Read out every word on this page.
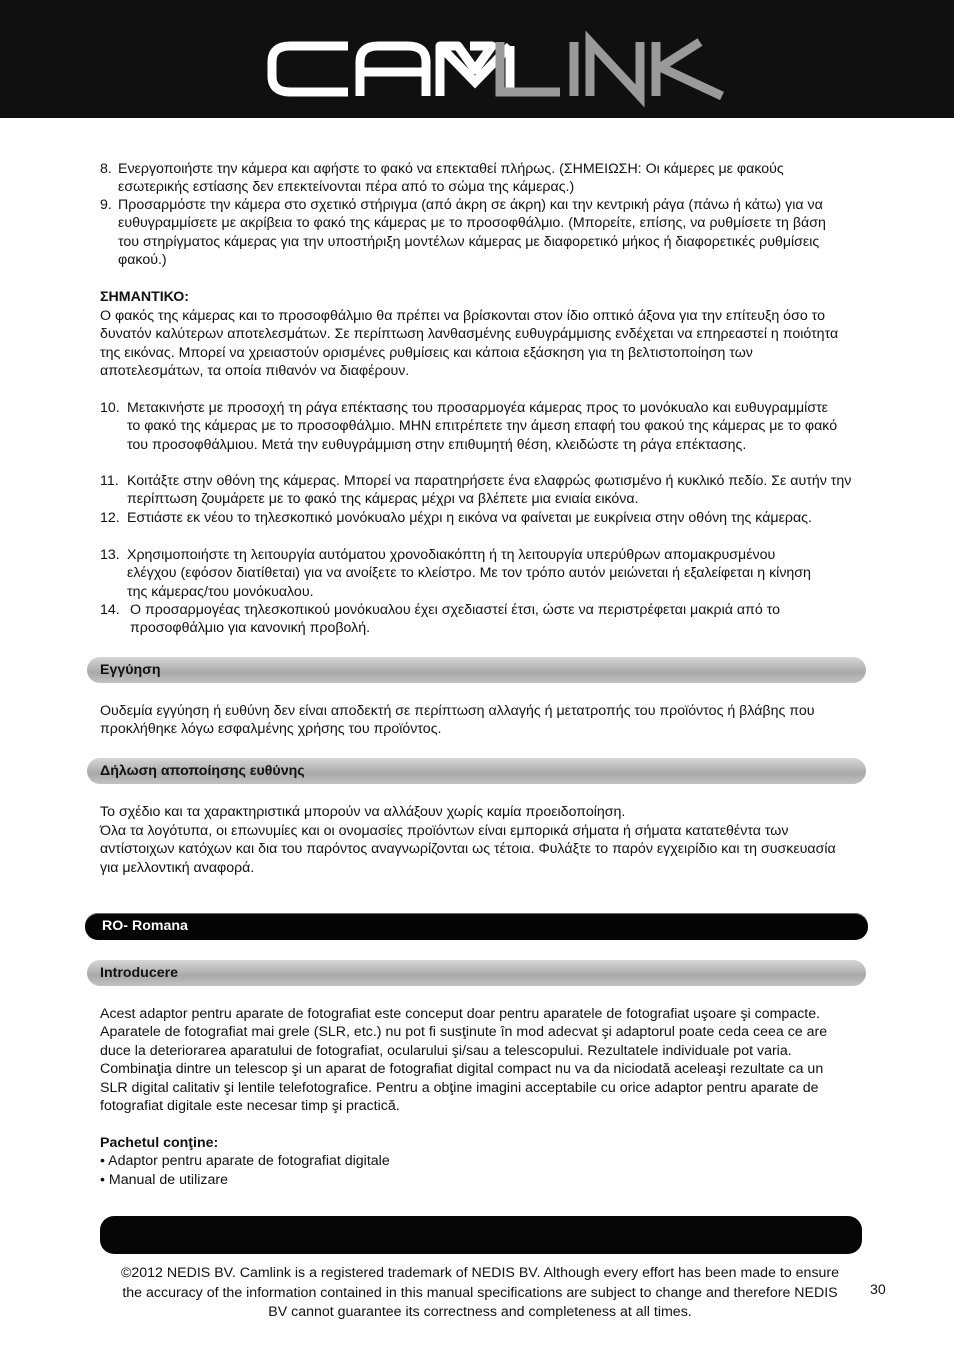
8. Ενεργοποιήστε την κάμερα και αφήστε το φακό να επεκταθεί πλήρως. (ΣΗΜΕΙΩΣΗ: Οι κάμερες με φακούς εσωτερικής εστίασης δεν επεκτείνονται πέρα από το σώμα της κάμερας.)
9. Προσαρμόστε την κάμερα στο σχετικό στήριγμα (από άκρη σε άκρη) και την κεντρική ράγα (πάνω ή κάτω) για να ευθυγραμμίσετε με ακρίβεια το φακό της κάμερας με το προσοφθάλμιο. (Μπορείτε, επίσης, να ρυθμίσετε τη βάση του στηρίγματος κάμερας για την υποστήριξη μοντέλων κάμερας με διαφορετικό μήκος ή διαφορετικές ρυθμίσεις φακού.)

ΣΗΜΑΝΤΙΚΟ:

Ο φακός της κάμερας και το προσοφθάλμιο θα πρέπει να βρίσκονται στον ίδιο οπτικό άξονα για την επίτευξη όσο το δυνατόν καλύτερων αποτελεσμάτων. Σε περίπτωση λανθασμένης ευθυγράμμισης ενδέχεται να επηρεαστεί η ποιότητα της εικόνας. Μπορεί να χρειαστούν ορισμένες ρυθμίσεις και κάποια εξάσκηση για τη βελτιστοποίηση των αποτελεσμάτων, τα οποία πιθανόν να διαφέρουν.

10. Μετακινήστε με προσοχή τη ράγα επέκτασης του προσαρμογέα κάμερας προς το μονόκυαλο και ευθυγραμμίστε το φακό της κάμερας με το προσοφθάλμιο. ΜΗΝ επιτρέπετε την άμεση επαφή του φακού της κάμερας με το φακό του προσοφθάλμιου. Μετά την ευθυγράμμιση στην επιθυμητή θέση, κλειδώστε τη ράγα επέκτασης.
11. Κοιτάξτε στην οθόνη της κάμερας. Μπορεί να παρατηρήσετε ένα ελαφρώς φωτισμένο ή κυκλικό πεδίο. Σε αυτήν την περίπτωση ζουμάρετε με το φακό της κάμερας μέχρι να βλέπετε μια ενιαία εικόνα.
12. Εστιάστε εκ νέου το τηλεσκοπικό μονόκυαλο μέχρι η εικόνα να φαίνεται με ευκρίνεια στην οθόνη της κάμερας.
13. Χρησιμοποιήστε τη λειτουργία αυτόματου χρονοδιακόπτη ή τη λειτουργία υπερύθρων απομακρυσμένου ελέγχου (εφόσον διατίθεται) για να ανοίξετε το κλείστρο. Με τον τρόπο αυτόν μειώνεται ή εξαλείφεται η κίνηση της κάμερας/του μονόκυαλου.
14. Ο προσαρμογέας τηλεσκοπικού μονόκυαλου έχει σχεδιαστεί έτσι, ώστε να περιστρέφεται μακριά από το προσοφθάλμιο για κανονική προβολή.
Εγγύηση

Ουδεμία εγγύηση ή ευθύνη δεν είναι αποδεκτή σε περίπτωση αλλαγής ή μετατροπής του προϊόντος ή βλάβης που προκλήθηκε λόγω εσφαλμένης χρήσης του προϊόντος.

Δήλωση αποποίησης ευθύνης

Το σχέδιο και τα χαρακτηριστικά μπορούν να αλλάξουν χωρίς καμία προειδοποίηση.

Όλα τα λογότυπα, οι επωνυμίες και οι ονομασίες προϊόντων είναι εμπορικά σήματα ή σήματα κατατεθέντα των αντίστοιχων κατόχων και δια του παρόντος αναγνωρίζονται ως τέτοια. Φυλάξτε το παρόν εγχειρίδιο και τη συσκευασία για μελλοντική αναφορά.

RO- Romana
Introducere

Acest adaptor pentru aparate de fotografiat este conceput doar pentru aparatele de fotografiat uşoare şi compacte. Aparatele de fotografiat mai grele (SLR, etc.) nu pot fi susţinute în mod adecvat şi adaptorul poate ceda ceea ce are duce la deteriorarea aparatului de fotografiat, ocularului şi/sau a telescopului. Rezultatele individuale pot varia. Combinaţia dintre un telescop şi un aparat de fotografiat digital compact nu va da niciodată aceleaşi rezultate ca un SLR digital calitativ şi lentile telefotografice. Pentru a obţine imagini acceptabile cu orice adaptor pentru aparate de fotografiat digitale este necesar timp şi practică.

Pachetul conţine:

• Adaptor pentru aparate de fotografiat digitale

• Manual de utilizare

©2012 NEDIS BV. Camlink is a registered trademark of NEDIS BV. Although every effort has been made to ensure the accuracy of the information contained in this manual specifications are subject to change and therefore NEDIS BV cannot guarantee its correctness and completeness at all times.
30
